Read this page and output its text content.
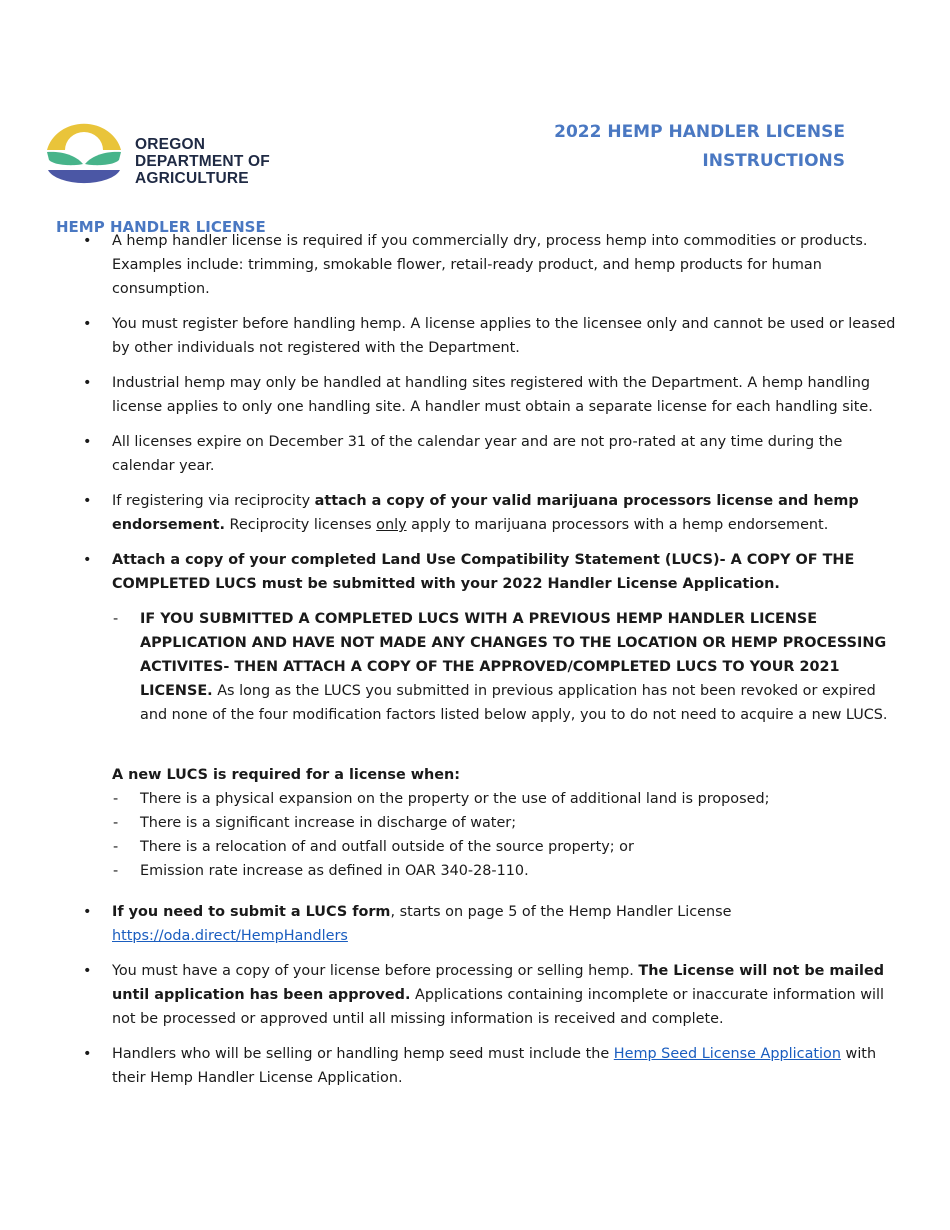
OREGON
DEPARTMENT OF
AGRICULTURE
2022 HEMP HANDLER LICENSE
INSTRUCTIONS
HEMP HANDLER LICENSE
• A hemp handler license is required if you commercially dry, process hemp into commodities or products. Examples include: trimming, smokable flower, retail-ready product, and hemp products for human consumption.
• You must register before handling hemp. A license applies to the licensee only and cannot be used or leased by other individuals not registered with the Department.
• Industrial hemp may only be handled at handling sites registered with the Department. A hemp handling license applies to only one handling site. A handler must obtain a separate license for each handling site.
• All licenses expire on December 31 of the calendar year and are not pro-rated at any time during the calendar year.
• If registering via reciprocity attach a copy of your valid marijuana processors license and hemp endorsement. Reciprocity licenses only apply to marijuana processors with a hemp endorsement.
• Attach a copy of your completed Land Use Compatibility Statement (LUCS)- A COPY OF THE COMPLETED LUCS must be submitted with your 2022 Handler License Application.
- IF YOU SUBMITTED A COMPLETED LUCS WITH A PREVIOUS HEMP HANDLER LICENSE APPLICATION AND HAVE NOT MADE ANY CHANGES TO THE LOCATION OR HEMP PROCESSING ACTIVITES- THEN ATTACH A COPY OF THE APPROVED/COMPLETED LUCS TO YOUR 2021 LICENSE. As long as the LUCS you submitted in previous application has not been revoked or expired and none of the four modification factors listed below apply, you to do not need to acquire a new LUCS.
A new LUCS is required for a license when:
- There is a physical expansion on the property or the use of additional land is proposed;
- There is a significant increase in discharge of water;
- There is a relocation of and outfall outside of the source property; or
- Emission rate increase as defined in OAR 340-28-110.
• If you need to submit a LUCS form, starts on page 5 of the Hemp Handler License
https://oda.direct/HempHandlers
• You must have a copy of your license before processing or selling hemp. The License will not be mailed until application has been approved. Applications containing incomplete or inaccurate information will not be processed or approved until all missing information is received and complete.
• Handlers who will be selling or handling hemp seed must include the Hemp Seed License Application with their Hemp Handler License Application.
